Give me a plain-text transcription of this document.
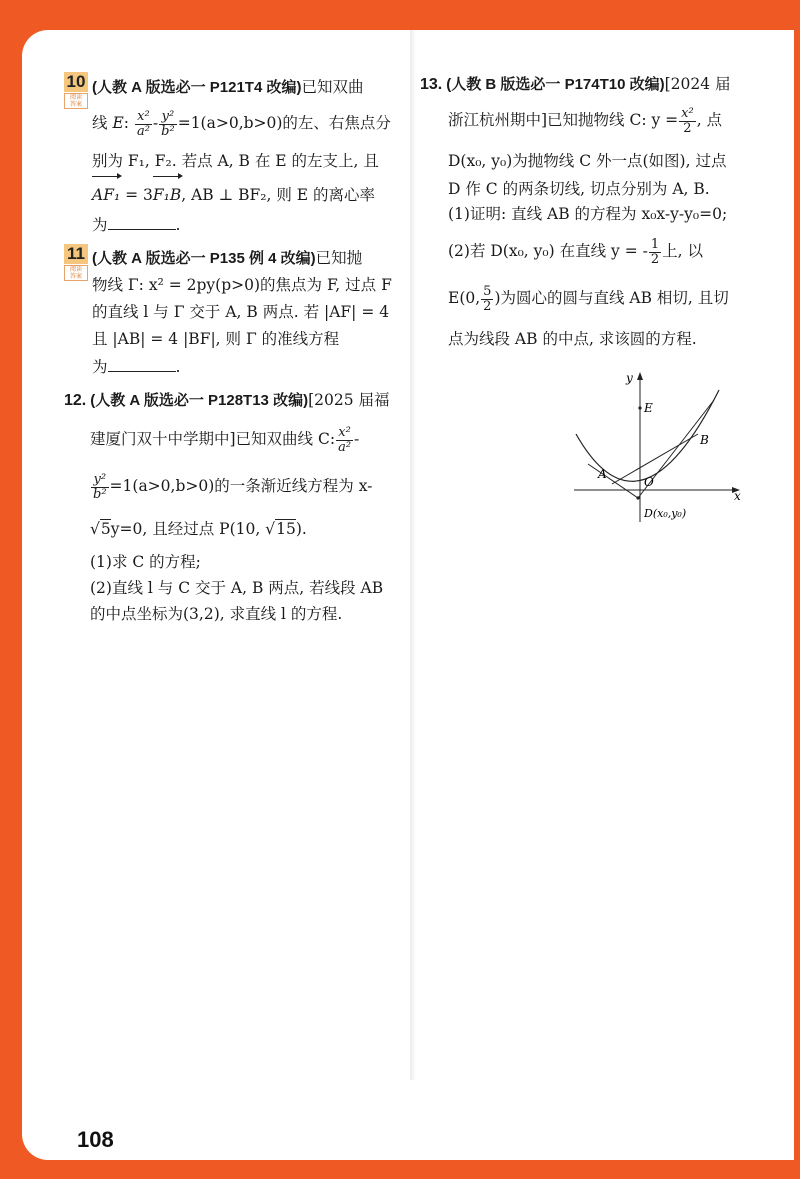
10
阅读
答案
(人教 A 版选必一 P121T4 改编)已知双曲
线 E: $\frac{\text{x²}}{\text{a²}} - \frac{\text{y²}}{\text{b²}} =1(a>0,b>0)$的左、右焦点分
别为 F₁, F₂. 若点 A, B 在 E 的左支上, 且
AF₁ = 3F₁B, AB ⊥ BF₂, 则 E 的离心率
为	.
11
阅读
答案
(人教 A 版选必一 P135 例 4 改编)已知抛
物线 Γ: x² = 2py(p>0)的焦点为 F, 过点 F
的直线 l 与 Γ 交于 A, B 两点. 若 |AF| = 4
且 |AB| = 4 |BF|, 则 Γ 的准线方程
为	.
12. (人教 A 版选必一 P128T13 改编)[2025 届福
建厦门双十中学期中]已知双曲线 C: $\frac{\text{x²}}{\text{a²}}$ -
$\frac{\text{y²}}{\text{b²}} =1(a>0,b>0)$的一条渐近线方程为 x-
√5y=0, 且经过点 P(10, √15).
(1)求 C 的方程;
(2)直线 l 与 C 交于 A, B 两点, 若线段 AB
的中点坐标为(3,2), 求直线 l 的方程.
13. (人教 B 版选必一 P174T10 改编)[2024 届
浙江杭州期中]已知抛物线 C: $y = \frac{\text{x²}}{2}$ , 点
D(x₀, y₀)为抛物线 C 外一点(如图), 过点
D 作 C 的两条切线, 切点分别为 A, B.
(1)证明: 直线 AB 的方程为 x₀x-y-y₀=0;
(2)若 D(x₀, y₀) 在直线 y = - $\frac{1}{2}$ 上, 以
E(0, $\frac{5}{2}$ )为圆心的圆与直线 AB 相切, 且切
点为线段 AB 的中点, 求该圆的方程.
y
x
E
A
B
O
D(x₀,y₀)
108
